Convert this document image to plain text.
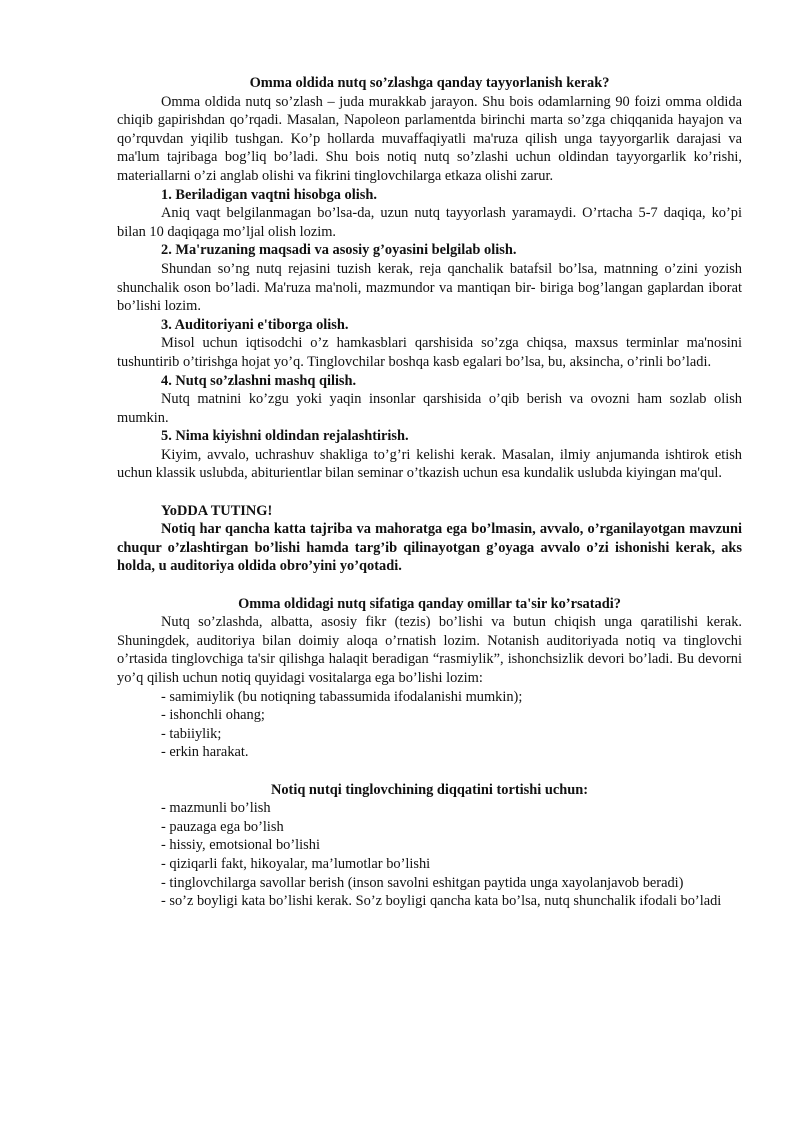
Omma oldida nutq so’zlashga qanday tayyorlanish kerak?

Omma oldida nutq so’zlash – juda murakkab jarayon. Shu bois odamlarning 90 foizi omma oldida chiqib gapirishdan qo’rqadi. Masalan, Napoleon parlamentda birinchi marta so’zga chiqqanida hayajon va qo’rquvdan yiqilib tushgan. Ko’p hollarda muvaffaqiyatli ma'ruza qilish unga tayyorgarlik darajasi va ma'lum tajribaga bog’liq bo’ladi. Shu bois notiq nutq so’zlashi uchun oldindan tayyorgarlik ko’rishi, materiallarni o’zi anglab olishi va fikrini tinglovchilarga etkaza olishi zarur.

1. Beriladigan vaqtni hisobga olish.

Aniq vaqt belgilanmagan bo’lsa-da, uzun nutq tayyorlash yaramaydi. O’rtacha 5-7 daqiqa, ko’pi bilan 10 daqiqaga mo’ljal olish lozim.

2. Ma'ruzaning maqsadi va asosiy g’oyasini belgilab olish.

Shundan so’ng nutq rejasini tuzish kerak, reja qanchalik batafsil bo’lsa, matnning o’zini yozish shunchalik oson bo’ladi. Ma'ruza ma'noli, mazmundor va mantiqan bir- biriga bog’langan gaplardan iborat bo’lishi lozim.

3. Auditoriyani e'tiborga olish.

Misol uchun iqtisodchi o’z hamkasblari qarshisida so’zga chiqsa, maxsus terminlar ma'nosini tushuntirib o’tirishga hojat yo’q. Tinglovchilar boshqa kasb egalari bo’lsa, bu, aksincha, o’rinli bo’ladi.

4. Nutq so’zlashni mashq qilish.

Nutq matnini ko’zgu yoki yaqin insonlar qarshisida o’qib berish va ovozni ham sozlab olish mumkin.

5. Nima kiyishni oldindan rejalashtirish.

Kiyim, avvalo, uchrashuv shakliga to’g’ri kelishi kerak. Masalan, ilmiy anjumanda ishtirok etish uchun klassik uslubda, abiturientlar bilan seminar o’tkazish uchun esa kundalik uslubda kiyingan ma'qul.

YoDDA TUTING!

Notiq har qancha katta tajriba va mahoratga ega bo’lmasin, avvalo, o’rganilayotgan mavzuni chuqur o’zlashtirgan bo’lishi hamda targ’ib qilinayotgan g’oyaga avvalo o’zi ishonishi kerak, aks holda, u auditoriya oldida obro’yini yo’qotadi.

Omma oldidagi nutq sifatiga qanday omillar ta'sir ko’rsatadi?

Nutq so’zlashda, albatta, asosiy fikr (tezis) bo’lishi va butun chiqish unga qaratilishi kerak. Shuningdek, auditoriya bilan doimiy aloqa o’rnatish lozim. Notanish auditoriyada notiq va tinglovchi o’rtasida tinglovchiga ta'sir qilishga halaqit beradigan “rasmiylik”, ishonchsizlik devori bo’ladi. Bu devorni yo’q qilish uchun notiq quyidagi vositalarga ega bo’lishi lozim:

- samimiylik (bu notiqning tabassumida ifodalanishi mumkin);

- ishonchli ohang;

- tabiiylik;

- erkin harakat.

Notiq nutqi tinglovchining diqqatini tortishi uchun:

- mazmunli bo’lish

- pauzaga ega bo’lish

- hissiy, emotsional bo’lishi

- qiziqarli fakt, hikoyalar, ma’lumotlar bo’lishi

- tinglovchilarga savollar berish (inson savolni eshitgan paytida unga xayolanjavob beradi)

- so’z boyligi kata bo’lishi kerak. So’z boyligi qancha kata bo’lsa, nutq shunchalik ifodali bo’ladi
